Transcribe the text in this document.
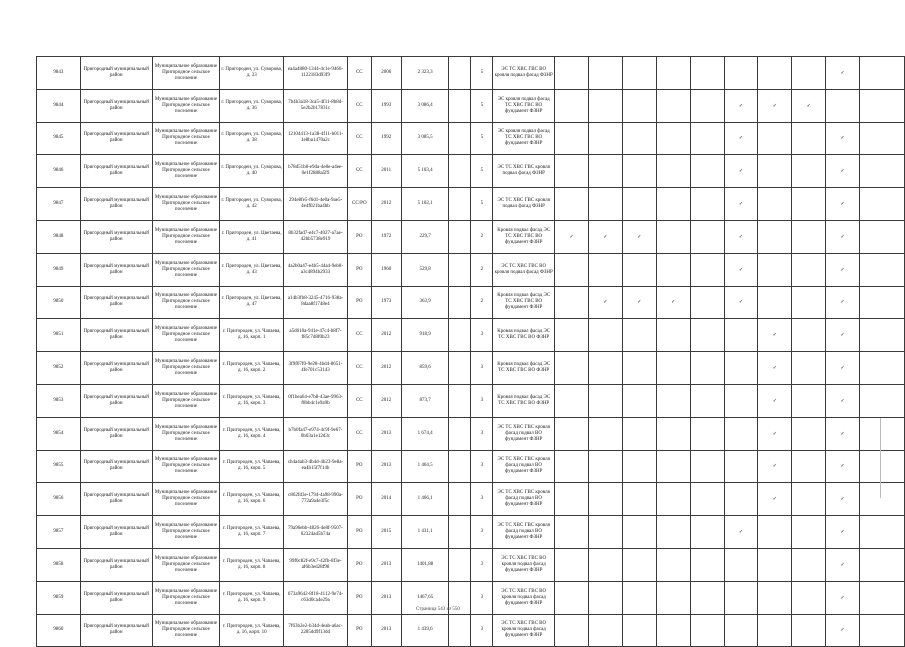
9843	Пригородный муниципальный район	Муниципальное образование Пригородное сельское поселение	г. Пригороден, ул. Суворова, д. 33	ea4a4880-1344-4c1e-9466-1122183d93f9	СС	2006	2 323,3		5	ЭС ТС ХВС ГВС ВО кровля подвал фасад ФЗНР									✓	
9844	Пригородный муниципальный район	Муниципальное образование Пригородное сельское поселение	г. Пригороден, ул. Суворова, д. 36	7b4b3a18-3ca5-4f11-8b8d-5e2b2b17831c	СС	1993	3 086,4		5	ЭС кровля подвал фасад ТС ХВС ГВС ВО фундамент ФЗНР						✓	✓	✓		
9845	Пригородный муниципальный район	Муниципальное образование Пригородное сельское поселение	г. Пригороден, ул. Суворова, д. 38	12104413-1a38-4f11-b011-1e8ba1470a2c	СС	1992	3 085,5		5	ЭС кровля подвал фасад ТС ХВС ГВС ВО фундамент ФЗНР						✓			✓	
9846	Пригородный муниципальный район	Муниципальное образование Пригородное сельское поселение	г. Пригороден, ул. Суворова, д. 40	b78d51b8-e9da-4e8e-a4ee-0e1f2888a5f9	СС	2011	5 103,4		5	ЭС ТС ХВС ГВС кровля подвал фасад ФЗНР						✓			✓	
9847	Пригородный муниципальный район	Муниципальное образование Пригородное сельское поселение	г. Пригороден, ул. Суворова, д. 42	294e8fe5-f6d1-4e0a-9ae5-4e4f021ba4bb	СС/РО	2012	5 102,1		5	ЭС ТС ХВС ГВС кровля подвал фасад ФЗНР						✓			✓	
9848	Пригородный муниципальный район	Муниципальное образование Пригородное сельское поселение	г. Пригороден, ул. Цветаева, д. 41	8b32fad7-e4c7-4027-a7ae-42bb5738e919	РО	1972	229,7		2	Кровля подвал фасад ЭС ТС ХВС ГВС ВО фундамент ФЗНР	✓	✓	✓			✓			✓	
9849	Пригородный муниципальный район	Муниципальное образование Пригородное сельское поселение	г. Пригороден, ул. Цветаева, д. 43	4a2b0a47-e4b5-44a4-9eb8-a3c4894b2933	РО	1960	529,8		2	ЭС ТС ХВС ГВС ВО кровля подвал фасад ФЗНР						✓			✓	
9850	Пригородный муниципальный район	Муниципальное образование Пригородное сельское поселение	г. Пригороден, ул. Цветаева, д. 47	a14b3fb8-3245-4716-938a-8daa8f1748e4	РО	1973	363,9		2	Кровля подвал фасад ЭС ТС ХВС ГВС ВО фундамент ФЗНР		✓	✓	✓		✓			✓	
9851	Пригородный муниципальный район	Муниципальное образование Пригородное сельское поселение	г. Пригороден, ул. Чапаева, д. 16, корп. 1	a5d610a-941e-47c4-b8f7-f85c7d8f0b23	СС	2012	918,9		3	Кровля подвал фасад ЭС ТС ХВС ГВС ВО ФЗНР							✓		✓	
9852	Пригородный муниципальный район	Муниципальное образование Пригородное сельское поселение	г. Пригороден, ул. Чапаева, д. 16, корп. 2	3f9f07f0-9e28-4bd4-8651-4fe701c53143	СС	2012	859,6		3	Кровля подвал фасад ЭС ТС ХВС ГВС ВО ФЗНР							✓		✓	
9853	Пригородный муниципальный район	Муниципальное образование Пригородное сельское поселение	г. Пригороден, ул. Чапаева, д. 16, корп. 3	0f1bea64-e7b8-43ae-9963-f8bb4c1e9a9b	СС	2012	873,7		3	Кровля подвал фасад ЭС ТС ХВС ГВС ВО ФЗНР							✓		✓	
9854	Пригородный муниципальный район	Муниципальное образование Пригородное сельское поселение	г. Пригороден, ул. Чапаева, д. 16, корп. 4	b7b0fa47-e974-4c9f-9e67-0b03a1e12d3c	СС	2013	1 674,4		3	ЭС ТС ХВС ГВС кровля фасад подвал ВО фундамент ФЗНР							✓		✓	
9855	Пригородный муниципальный район	Муниципальное образование Пригородное сельское поселение	г. Пригороден, ул. Чапаева, д. 16, корп. 5	cb4a4ab3-4b4d-4b23-9e8a-ea4b15f7f14b	РО	2013	1 464,5		3	ЭС ТС ХВС ГВС кровля фасад подвал ВО фундамент ФЗНР							✓		✓	
9856	Пригородный муниципальный район	Муниципальное образование Пригородное сельское поселение	г. Пригороден, ул. Чапаева, д. 16, корп. 6	c862fd3e-1794-4a98-990a-772a9a4e3f5c	РО	2014	1 466,1		3	ЭС ТС ХВС ГВС кровля фасад подвал ВО фундамент ФЗНР							✓		✓	
9857	Пригородный муниципальный район	Муниципальное образование Пригородное сельское поселение	г. Пригороден, ул. Чапаева, д. 16, корп. 7	79a96ebb-4826-4e8f-9507-02324ad5b74a	РО	2015	1 431,1		3	ЭС ТС ХВС ГВС кровля фасад подвал ВО фундамент ФЗНР						✓			✓	
9858	Пригородный муниципальный район	Муниципальное образование Пригородное сельское поселение	г. Пригороден, ул. Чапаева, д. 16, корп. 8	99f0c82f-e9c7-42fb-8f3e-af6b3ed28f98	РО	2013	1401,88		3	ЭС ТС ХВС ГВС ВО кровля подвал фасад фундамент ФЗНР									✓	
9859	Пригородный муниципальный район	Муниципальное образование Пригородное сельское поселение	г. Пригороден, ул. Чапаева, д. 16, корп. 9	673a9642-8f18-4112-9e74-c63d0ca4e29a	РО	2013	1467,65		3	ЭС ТС ХВС ГВС ВО кровля подвал фасад фундамент ФЗНР									✓	
9860	Пригородный муниципальный район	Муниципальное образование Пригородное сельское поселение	г. Пригороден, ул. Чапаева, д. 16, корп. 10	7f63b2e2-b34d-4eab-a6ac-2285dd9f13dd	РО	2013	1 439,6		3	ЭС ТС ХВС ГВС ВО кровля подвал фасад фундамент ФЗНР									✓	
Страница 543 из 550
